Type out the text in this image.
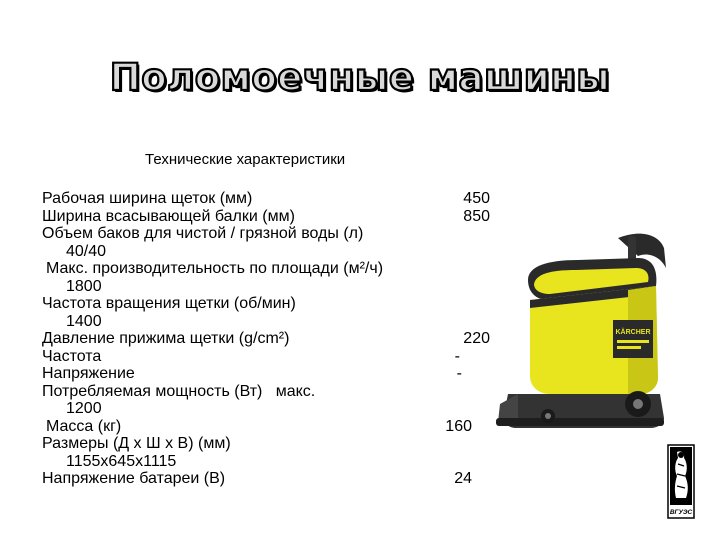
Поломоечные машины
Технические характеристики
Рабочая ширина щеток (мм)	450
Ширина всасывающей балки (мм)	850
Объем баков для чистой / грязной воды (л)
40/40
Макс. производительность по площади (м²/ч)
1800
Частота вращения щетки (об/мин)
1400
Давление прижима щетки (g/cm²)	220
Частота	-
Напряжение	-
Потребляемая мощность (Вт)   макс.
1200
Масса (кг)	160
Размеры (Д x Ш x В) (мм)
1155x645x1115
Напряжение батареи (В)	24
KÄRCHER
ВГУЭС
